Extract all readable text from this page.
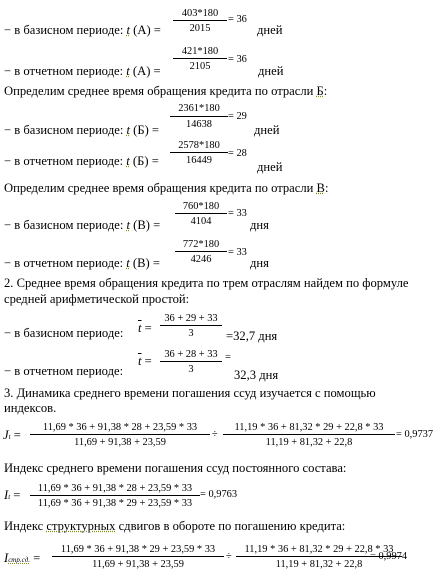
− в базисном периоде: t (А) =
403*180
2015
= 36
дней
− в отчетном периоде: t (А) =
421*180
2105
= 36
дней
Определим среднее время обращения кредита по отрасли Б:
− в базисном периоде: t (Б) =
2361*180
14638
= 29
дней
− в отчетном периоде: t (Б) =
2578*180
16449
= 28
дней
Определим среднее время обращения кредита по отрасли В:
− в базисном периоде: t (В) =
760*180
4104
= 33
дня
− в отчетном периоде: t (В) =
772*180
4246
= 33
дня
2. Среднее время обращения кредита по трем отраслям найдем по формуле
средней арифметической простой:
− в базисном периоде: $\overline{t}$ =
36 + 29 + 33
3	=32,7 дня
− в отчетном периоде:
$\overline{t}$ =	36 + 28 + 33
3
=
32,3 дня
3. Динамика среднего времени погашения ссуд изучается с помощью
индексов.
Jt =
11,69 * 36 + 91,38 * 28 + 23,59 * 33
11,69 + 91,38 + 23,59
÷
11,19 * 36 + 81,32 * 29 + 22,8 * 33
11,19 + 81,32 + 22,8
= 0,9737
Индекс среднего времени погашения ссуд постоянного состава:
It =	11,69 * 36 + 91,38 * 28 + 23,59 * 33
11,69 * 36 + 91,38 * 29 + 23,59 * 33
= 0,9763
Индекс структурных сдвигов в обороте по погашению кредита:
Iстр.сд. =
11,69 * 36 + 91,38 * 29 + 23,59 * 33
11,69 + 91,38 + 23,59
÷
11,19 * 36 + 81,32 * 29 + 22,8 * 33
11,19 + 81,32 + 22,8
= 0,9974
